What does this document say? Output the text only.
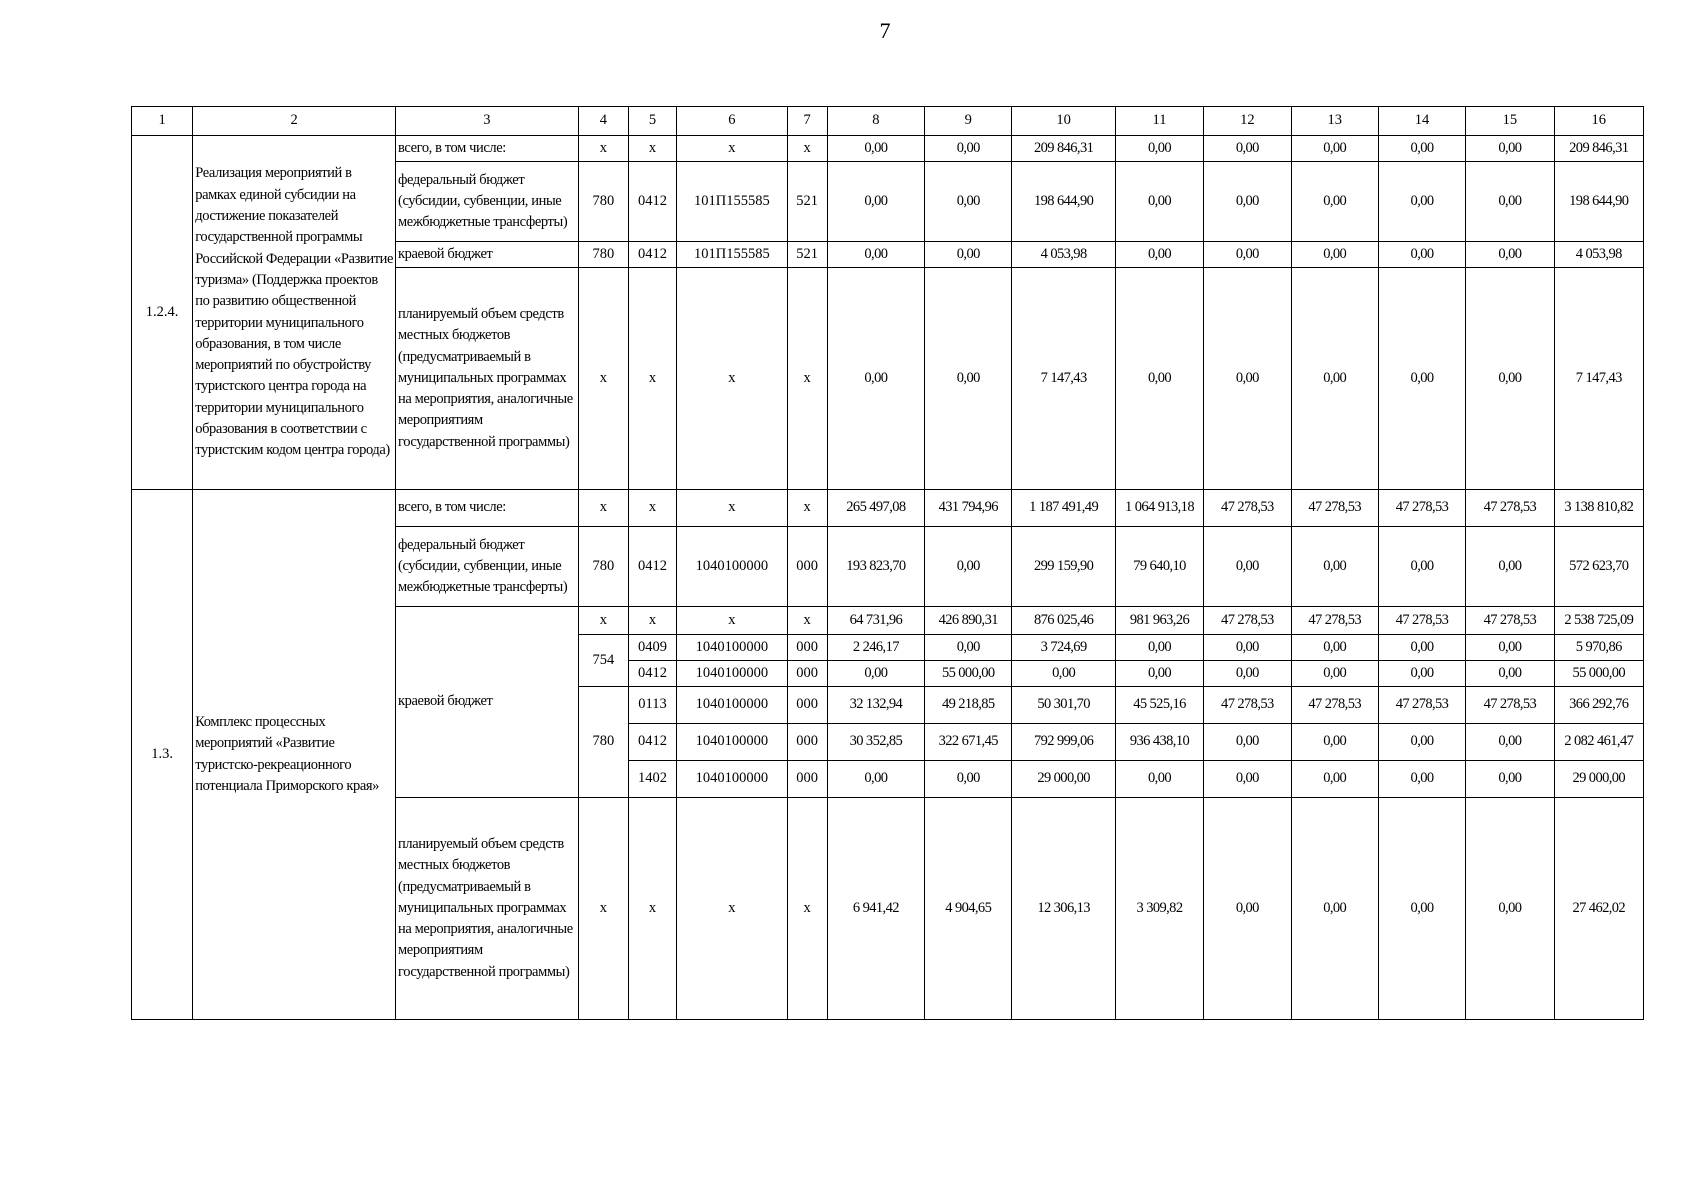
7
1	2	3	4	5	6	7	8	9	10	11	12	13	14	15	16
1.2.4.	Реализация мероприятий в рамках единой субсидии на достижение показателей государственной программы Российской Федерации «Развитие туризма» (Поддержка проектов по развитию общественной территории муниципального образования, в том числе мероприятий по обустройству туристского центра города на территории муниципального образования в соответствии с туристским кодом центра города)	всего, в том числе:	x	x	x	x	0,00	0,00	209 846,31	0,00	0,00	0,00	0,00	0,00	209 846,31
		федеральный бюджет (субсидии, субвенции, иные межбюджетные трансферты)	780	0412	101П155585	521	0,00	0,00	198 644,90	0,00	0,00	0,00	0,00	0,00	198 644,90
		краевой бюджет	780	0412	101П155585	521	0,00	0,00	4 053,98	0,00	0,00	0,00	0,00	0,00	4 053,98
		планируемый объем средств местных бюджетов (предусматриваемый в муниципальных программах на мероприятия, аналогичные мероприятиям государственной программы)	x	x	x	x	0,00	0,00	7 147,43	0,00	0,00	0,00	0,00	0,00	7 147,43
1.3.	Комплекс процессных мероприятий «Развитие туристско-рекреационного потенциала Приморского края»	всего, в том числе:	x	x	x	x	265 497,08	431 794,96	1 187 491,49	1 064 913,18	47 278,53	47 278,53	47 278,53	47 278,53	3 138 810,82
		федеральный бюджет (субсидии, субвенции, иные межбюджетные трансферты)	780	0412	1040100000	000	193 823,70	0,00	299 159,90	79 640,10	0,00	0,00	0,00	0,00	572 623,70
		краевой бюджет	x	x	x	x	64 731,96	426 890,31	876 025,46	981 963,26	47 278,53	47 278,53	47 278,53	47 278,53	2 538 725,09
			754	0409	1040100000	000	2 246,17	0,00	3 724,69	0,00	0,00	0,00	0,00	0,00	5 970,86
				0412	1040100000	000	0,00	55 000,00	0,00	0,00	0,00	0,00	0,00	0,00	55 000,00
			780	0113	1040100000	000	32 132,94	49 218,85	50 301,70	45 525,16	47 278,53	47 278,53	47 278,53	47 278,53	366 292,76
				0412	1040100000	000	30 352,85	322 671,45	792 999,06	936 438,10	0,00	0,00	0,00	0,00	2 082 461,47
				1402	1040100000	000	0,00	0,00	29 000,00	0,00	0,00	0,00	0,00	0,00	29 000,00
		планируемый объем средств местных бюджетов (предусматриваемый в муниципальных программах на мероприятия, аналогичные мероприятиям государственной программы)	x	x	x	x	6 941,42	4 904,65	12 306,13	3 309,82	0,00	0,00	0,00	0,00	27 462,02
